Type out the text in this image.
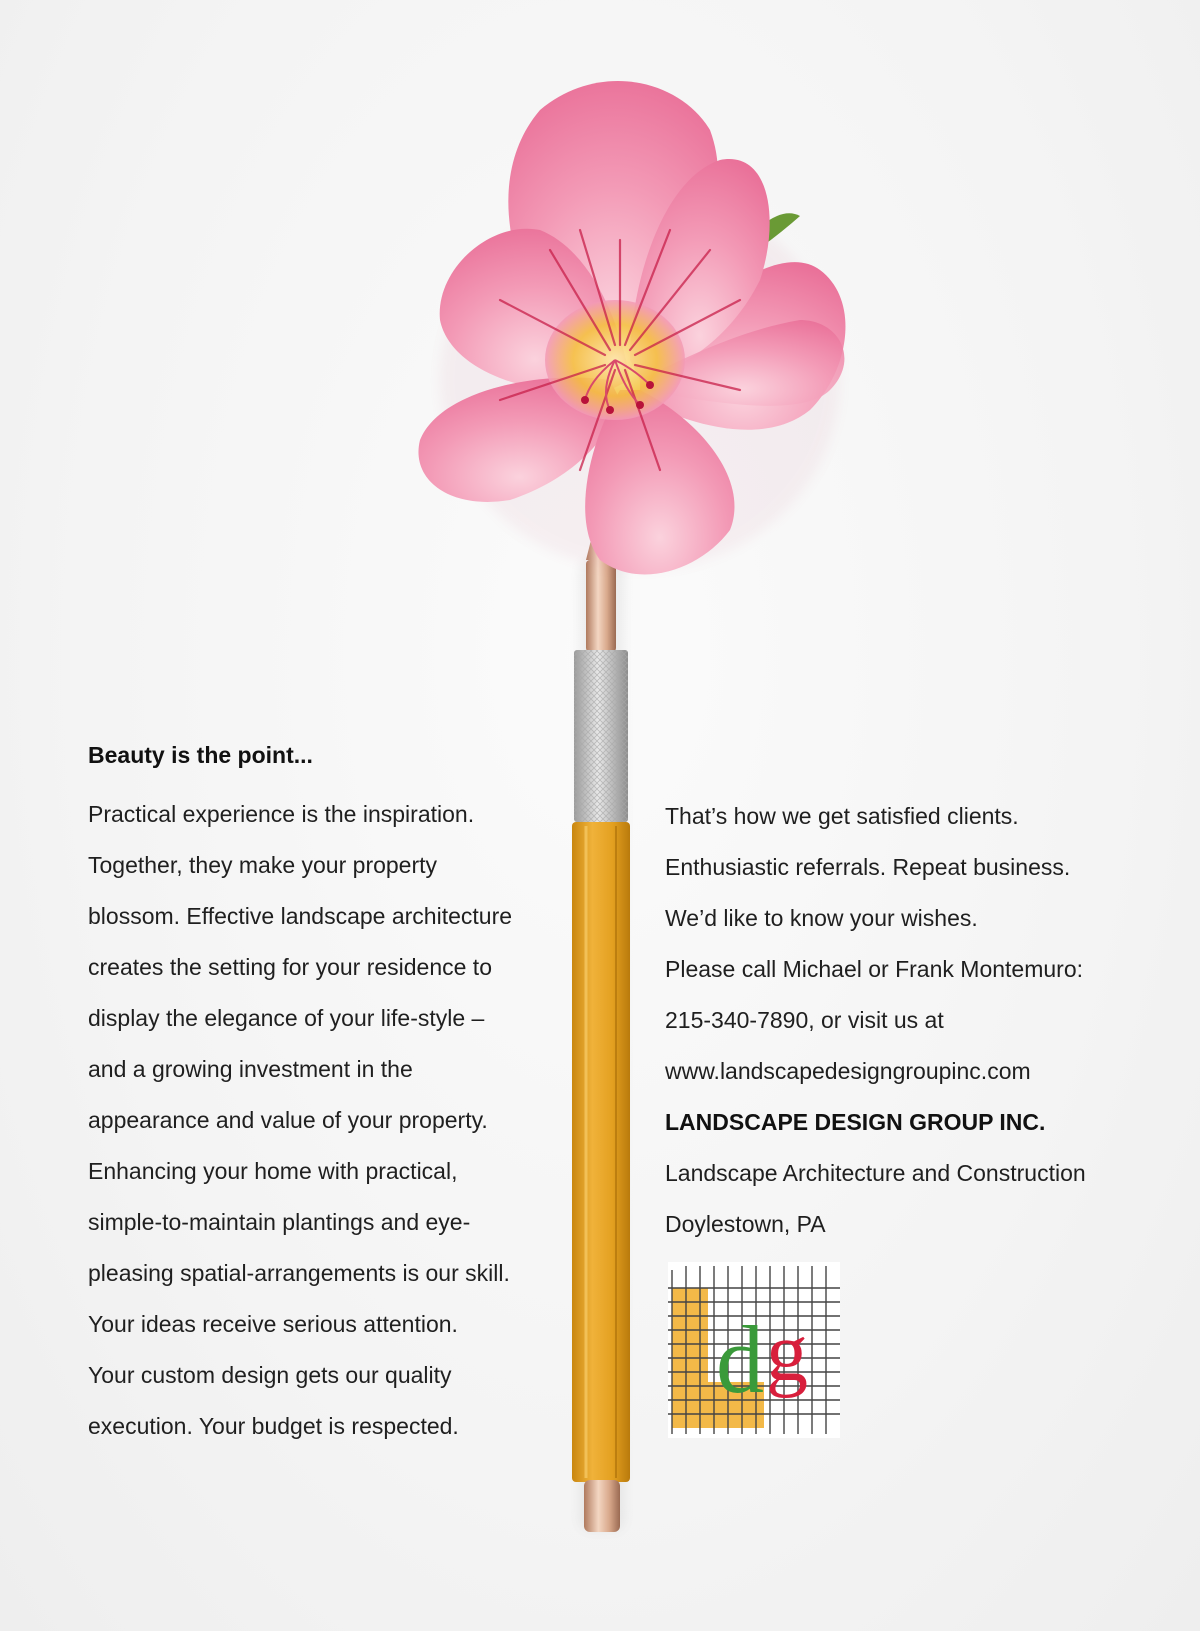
Beauty is the point...
Practical experience is the inspiration.
Together, they make your property
blossom. Effective landscape architecture
creates the setting for your residence to
display the elegance of your life-style –
and a growing investment in the
appearance and value of your property.
Enhancing your home with practical,
simple-to-maintain plantings and eye-
pleasing spatial-arrangements is our skill.
Your ideas receive serious attention.
Your custom design gets our quality
execution. Your budget is respected.
That’s how we get satisfied clients.
Enthusiastic referrals. Repeat business.
We’d like to know your wishes.
Please call Michael or Frank Montemuro:
215-340-7890, or visit us at
www.landscapedesigngroupinc.com
LANDSCAPE DESIGN GROUP INC.
Landscape Architecture and Construction
Doylestown, PA
d g
